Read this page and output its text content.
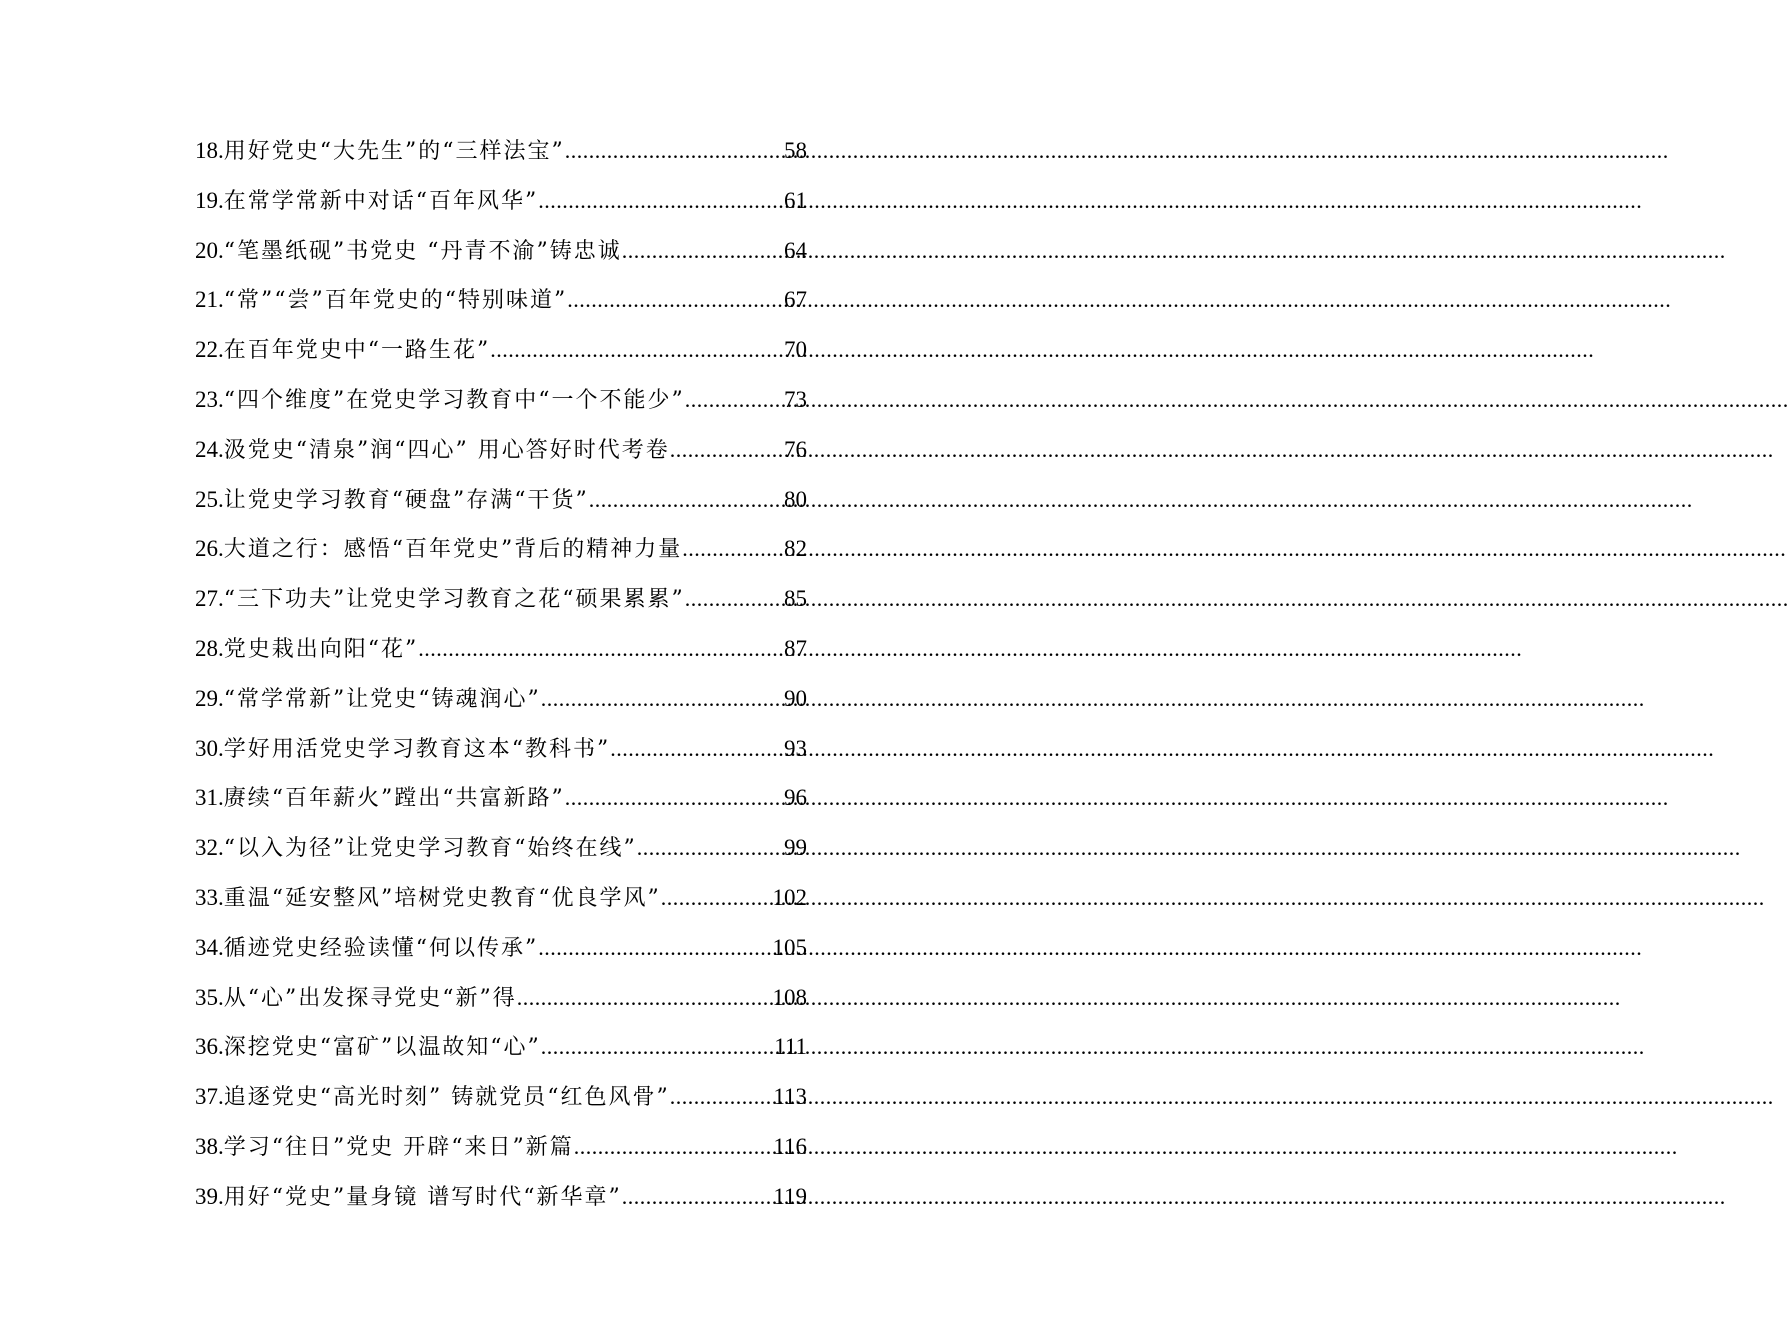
18. 用好党史“大先生”的“三样法宝” .....	58
19. 在常学常新中对话“百年风华” .....	61
20. “笔墨纸砚”书党史 “丹青不渝”铸忠诚 .....	64
21. “常”“尝”百年党史的“特别味道” .....	67
22. 在百年党史中“一路生花” .....	70
23. “四个维度”在党史学习教育中“一个不能少” .....	73
24. 汲党史“清泉”润“四心” 用心答好时代考卷 .....	76
25. 让党史学习教育“硬盘”存满“干货” .....	80
26. 大道之行：感悟“百年党史”背后的精神力量 .....	82
27. “三下功夫”让党史学习教育之花“硕果累累” .....	85
28. 党史栽出向阳“花” .....	87
29. “常学常新”让党史“铸魂润心” .....	90
30. 学好用活党史学习教育这本“教科书” .....	93
31. 赓续“百年薪火”蹚出“共富新路” .....	96
32. “以入为径”让党史学习教育“始终在线” .....	99
33. 重温“延安整风”培树党史教育“优良学风” .....	102
34. 循迹党史经验读懂“何以传承” .....	105
35. 从“心”出发探寻党史“新”得 .....	108
36. 深挖党史“富矿”以温故知“心” .....	111
37. 追逐党史“高光时刻” 铸就党员“红色风骨” .....	113
38. 学习“往日”党史 开辟“来日”新篇 .....	116
39. 用好“党史”量身镜 谱写时代“新华章” .....	119
